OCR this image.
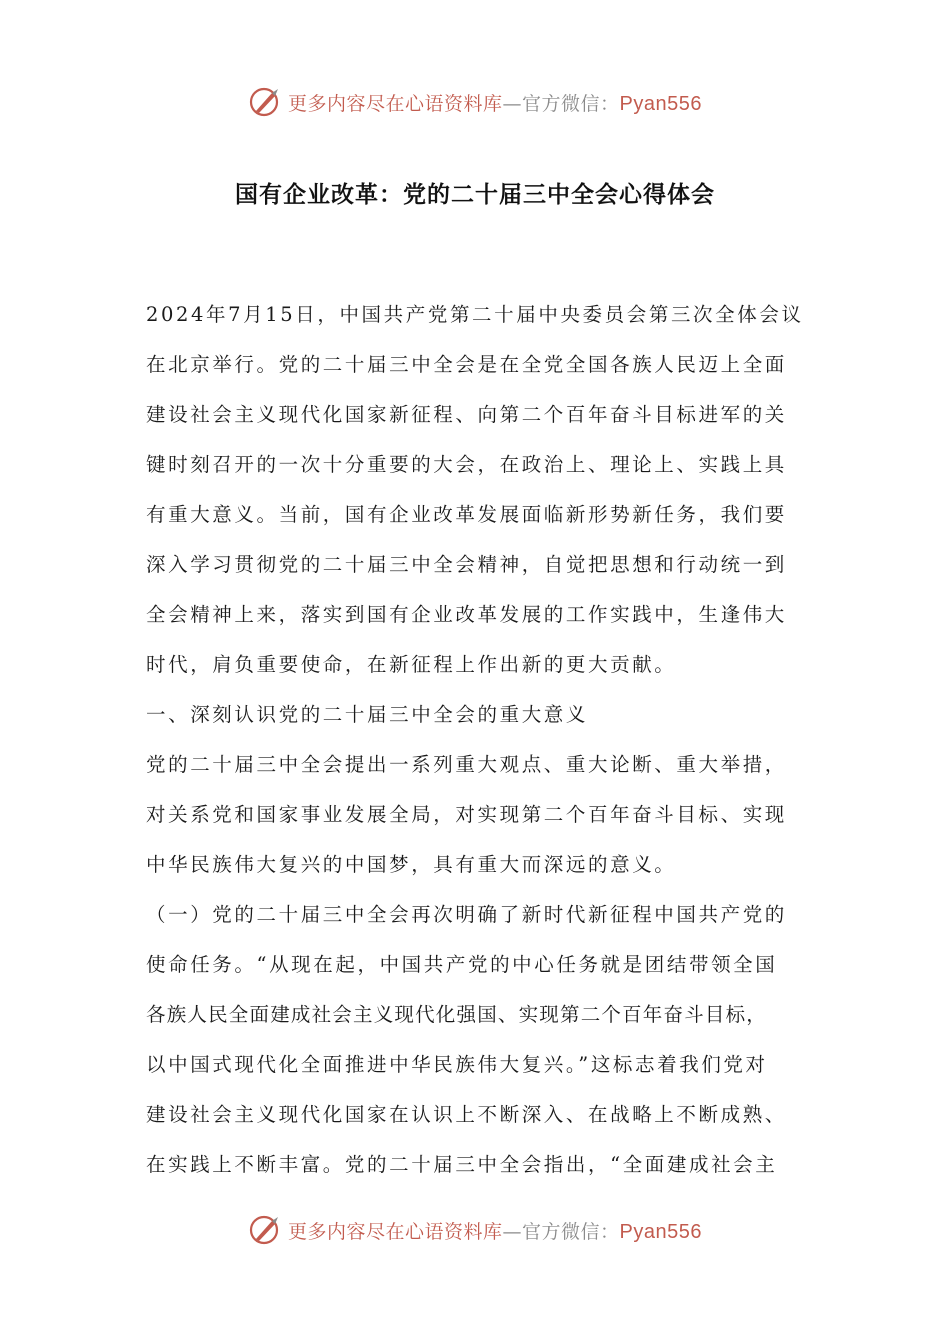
更多内容尽在心语资料库—官方微信：Pyan556
国有企业改革：党的二十届三中全会心得体会
2024年7月15日，中国共产党第二十届中央委员会第三次全体会议
在北京举行。党的二十届三中全会是在全党全国各族人民迈上全面
建设社会主义现代化国家新征程、向第二个百年奋斗目标进军的关
键时刻召开的一次十分重要的大会，在政治上、理论上、实践上具
有重大意义。当前，国有企业改革发展面临新形势新任务，我们要
深入学习贯彻党的二十届三中全会精神，自觉把思想和行动统一到
全会精神上来，落实到国有企业改革发展的工作实践中，生逢伟大
时代，肩负重要使命，在新征程上作出新的更大贡献。
一、深刻认识党的二十届三中全会的重大意义
党的二十届三中全会提出一系列重大观点、重大论断、重大举措，
对关系党和国家事业发展全局，对实现第二个百年奋斗目标、实现
中华民族伟大复兴的中国梦，具有重大而深远的意义。
（一）党的二十届三中全会再次明确了新时代新征程中国共产党的
使命任务。“从现在起，中国共产党的中心任务就是团结带领全国
各族人民全面建成社会主义现代化强国、实现第二个百年奋斗目标，
以中国式现代化全面推进中华民族伟大复兴。”这标志着我们党对
建设社会主义现代化国家在认识上不断深入、在战略上不断成熟、
在实践上不断丰富。党的二十届三中全会指出，“全面建成社会主
更多内容尽在心语资料库—官方微信：Pyan556
